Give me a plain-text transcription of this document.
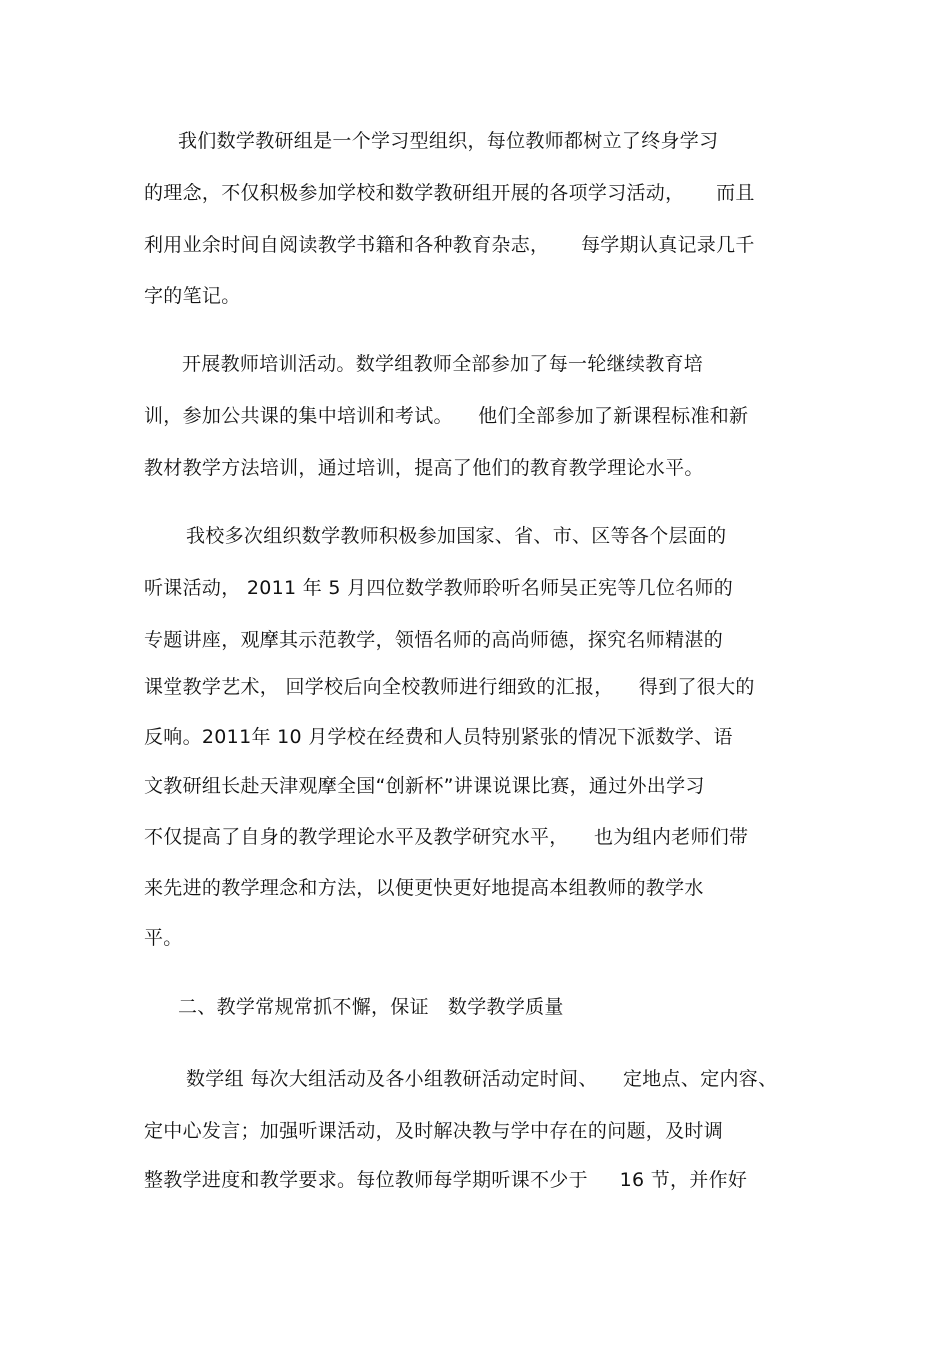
我们数学教研组是一个学习型组织，每位教师都树立了终身学习
的理念，不仅积极参加学校和数学教研组开展的各项学习活动，     而且
利用业余时间自阅读教学书籍和各种教育杂志，     每学期认真记录几千
字的笔记。
开展教师培训活动。数学组教师全部参加了每一轮继续教育培
训，参加公共课的集中培训和考试。    他们全部参加了新课程标准和新
教材教学方法培训，通过培训，提高了他们的教育教学理论水平。
我校多次组织数学教师积极参加国家、省、市、区等各个层面的
听课活动， 2011 年 5 月四位数学教师聆听名师吴正宪等几位名师的
专题讲座，观摩其示范教学，领悟名师的高尚师德，探究名师精湛的
课堂教学艺术， 回学校后向全校教师进行细致的汇报，    得到了很大的
反响。2011年 10 月学校在经费和人员特别紧张的情况下派数学、语
文教研组长赴天津观摩全国“创新杯”讲课说课比赛，通过外出学习
不仅提高了自身的教学理论水平及教学研究水平，    也为组内老师们带
来先进的教学理念和方法，以便更快更好地提高本组教师的教学水
平。
二、教学常规常抓不懈，保证   数学教学质量
数学组 每次大组活动及各小组教研活动定时间、    定地点、定内容、
定中心发言；加强听课活动，及时解决教与学中存在的问题，及时调
整教学进度和教学要求。每位教师每学期听课不少于     16 节，并作好
